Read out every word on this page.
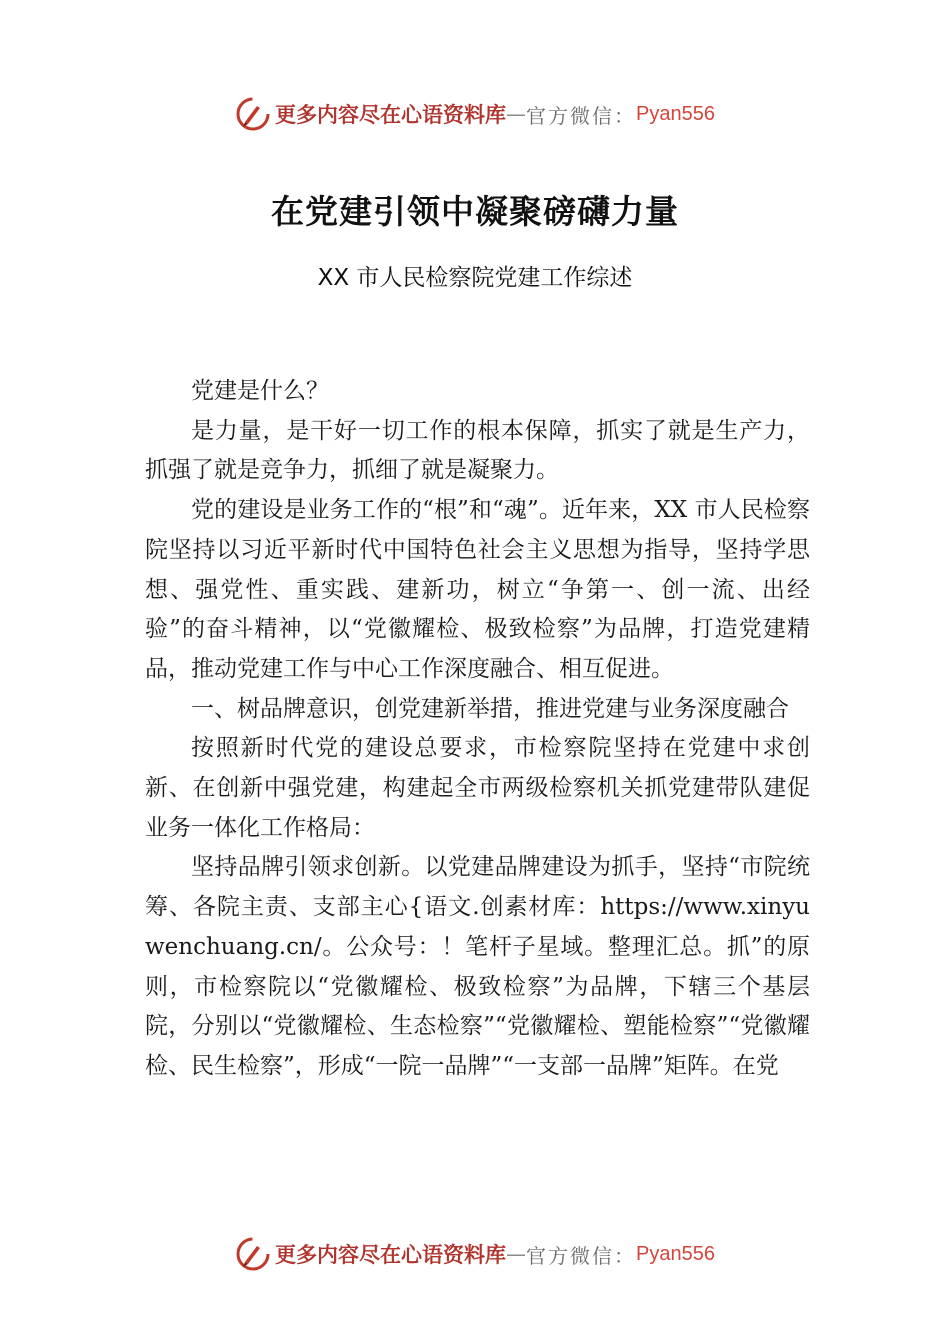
更多内容尽在心语资料库 — 官方微信： Pyan556
在党建引领中凝聚磅礴力量
XX 市人民检察院党建工作综述

党建是什么？

是力量，是干好一切工作的根本保障，抓实了就是生产力，抓强了就是竞争力，抓细了就是凝聚力。

党的建设是业务工作的“根”和“魂”。近年来，XX 市人民检察院坚持以习近平新时代中国特色社会主义思想为指导，坚持学思想、强党性、重实践、建新功，树立“争第一、创一流、出经验”的奋斗精神，以“党徽耀检、极致检察”为品牌，打造党建精品，推动党建工作与中心工作深度融合、相互促进。

一、树品牌意识，创党建新举措，推进党建与业务深度融合

按照新时代党的建设总要求，市检察院坚持在党建中求创新、在创新中强党建，构建起全市两级检察机关抓党建带队建促业务一体化工作格局：

坚持品牌引领求创新。以党建品牌建设为抓手，坚持“市院统筹、各院主责、支部主心{语文.创素材库：https://www.xinyuwenchuang.cn/。公众号：！笔杆子星域。整理汇总。抓”的原则，市检察院以“党徽耀检、极致检察”为品牌，下辖三个基层院，分别以“党徽耀检、生态检察”“党徽耀检、塑能检察”“党徽耀检、民生检察”，形成“一院一品牌”“一支部一品牌”矩阵。在党

更多内容尽在心语资料库 — 官方微信： Pyan556
